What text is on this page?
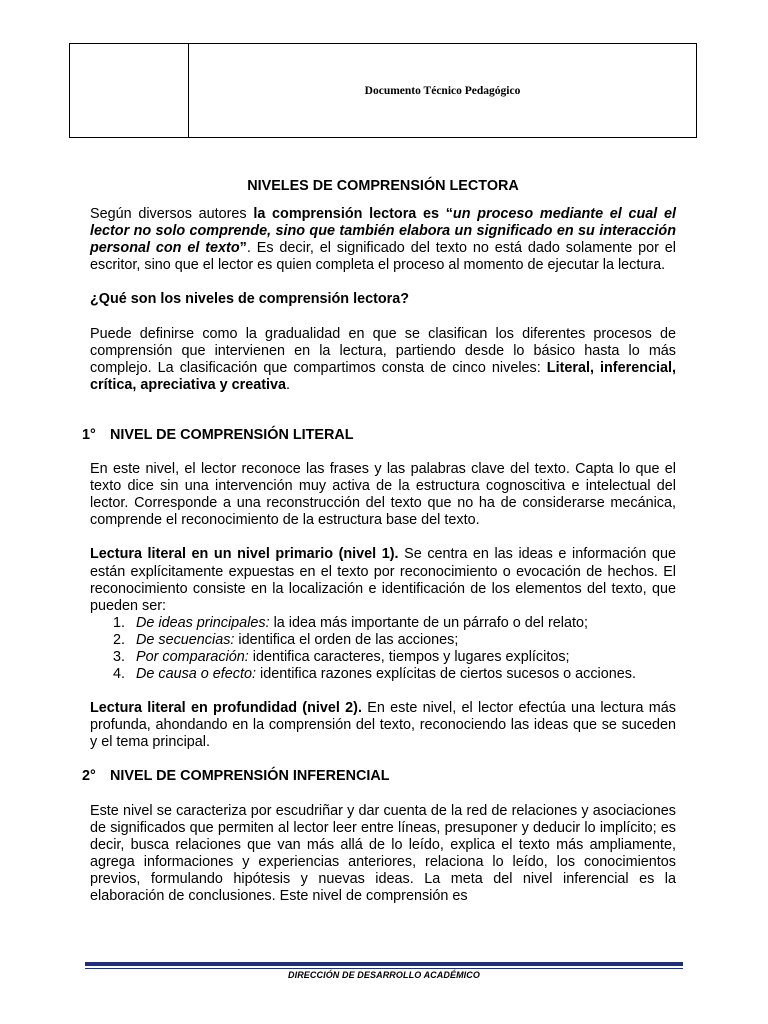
Documento Técnico Pedagógico
NIVELES DE COMPRENSIÓN LECTORA

Según diversos autores la comprensión lectora es “un proceso mediante el cual el lector no solo comprende, sino que también elabora un significado en su interacción personal con el texto”. Es decir, el significado del texto no está dado solamente por el escritor, sino que el lector es quien completa el proceso al momento de ejecutar la lectura.

¿Qué son los niveles de comprensión lectora?

Puede definirse como la gradualidad en que se clasifican los diferentes procesos de comprensión que intervienen en la lectura, partiendo desde lo básico hasta lo más complejo. La clasificación que compartimos consta de cinco niveles: Literal, inferencial, crítica, apreciativa y creativa.

1° NIVEL DE COMPRENSIÓN LITERAL

En este nivel, el lector reconoce las frases y las palabras clave del texto. Capta lo que el texto dice sin una intervención muy activa de la estructura cognoscitiva e intelectual del lector. Corresponde a una reconstrucción del texto que no ha de considerarse mecánica, comprende el reconocimiento de la estructura base del texto.

Lectura literal en un nivel primario (nivel 1). Se centra en las ideas e información que están explícitamente expuestas en el texto por reconocimiento o evocación de hechos. El reconocimiento consiste en la localización e identificación de los elementos del texto, que pueden ser:

1. De ideas principales: la idea más importante de un párrafo o del relato;
2. De secuencias: identifica el orden de las acciones;
3. Por comparación: identifica caracteres, tiempos y lugares explícitos;
4. De causa o efecto: identifica razones explícitas de ciertos sucesos o acciones.

Lectura literal en profundidad (nivel 2). En este nivel, el lector efectúa una lectura más profunda, ahondando en la comprensión del texto, reconociendo las ideas que se suceden y el tema principal.

2° NIVEL DE COMPRENSIÓN INFERENCIAL

Este nivel se caracteriza por escudriñar y dar cuenta de la red de relaciones y asociaciones de significados que permiten al lector leer entre líneas, presuponer y deducir lo implícito; es decir, busca relaciones que van más allá de lo leído, explica el texto más ampliamente, agrega informaciones y experiencias anteriores, relaciona lo leído, los conocimientos previos, formulando hipótesis y nuevas ideas. La meta del nivel inferencial es la elaboración de conclusiones. Este nivel de comprensión es

DIRECCIÓN DE DESARROLLO ACADÉMICO
